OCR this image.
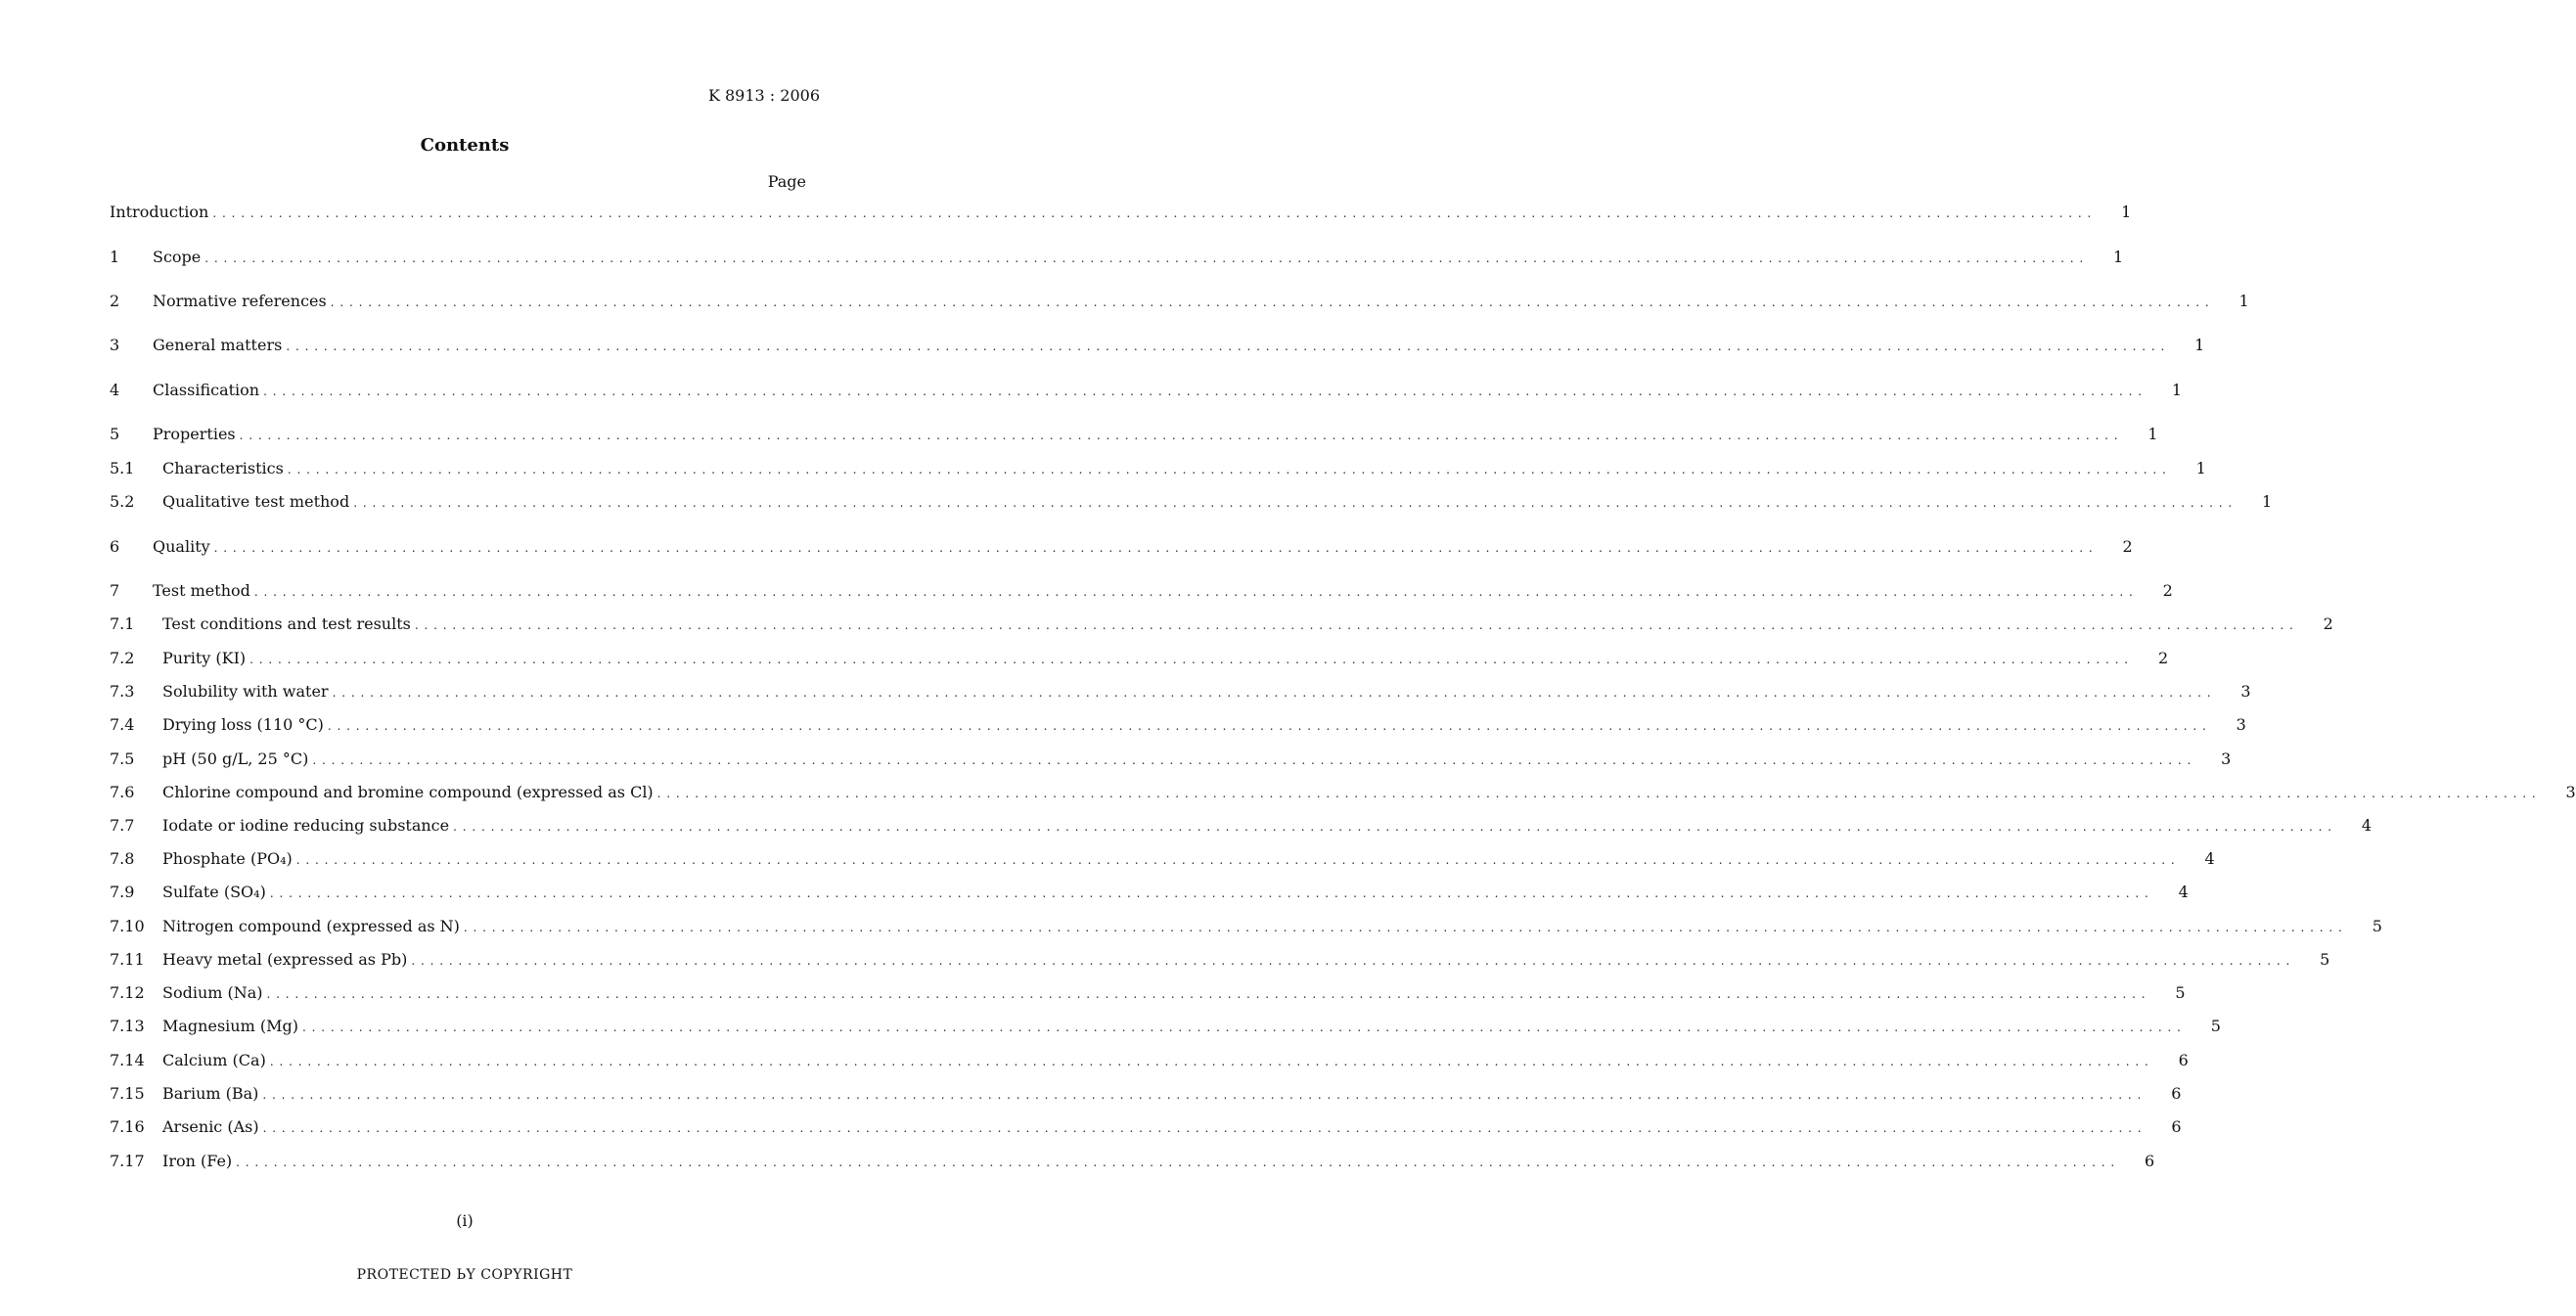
K 8913 : 2006
Contents
Page
Introduction . . . . . . . . . . . . . . . . . . . . . . . . . . . . . . . . . . . . . . . . . . . . . . . . . . . . . . . . . . . . . . . . . . . . . . . . . . . . . . . . . . . . . . . . . . . . . . . . . . . . . . . . . . . . . . . . . . . . . . . . . . . . . . . . . . . . . . . . . . . . . . . . . . . . . . . . . . . . . . . . . . . . . . . . . . . . . . . . . . . . . . . . . . . . . . . . . . . . . . . .	1
1	Scope . . . . . . . . . . . . . . . . . . . . . . . . . . . . . . . . . . . . . . . . . . . . . . . . . . . . . . . . . . . . . . . . . . . . . . . . . . . . . . . . . . . . . . . . . . . . . . . . . . . . . . . . . . . . . . . . . . . . . . . . . . . . . . . . . . . . . . . . . . . . . . . . . . . . . . . . . . . . . . . . . . . . . . . . . . . . . . . . . . . . . . . . . . . . . . . . . . . . . . . .	1
2	Normative references . . . . . . . . . . . . . . . . . . . . . . . . . . . . . . . . . . . . . . . . . . . . . . . . . . . . . . . . . . . . . . . . . . . . . . . . . . . . . . . . . . . . . . . . . . . . . . . . . . . . . . . . . . . . . . . . . . . . . . . . . . . . . . . . . . . . . . . . . . . . . . . . . . . . . . . . . . . . . . . . . . . . . . . . . . . . . . . . . . . . . . . . . . . . . . . . . . . . . . . .	1
3	General matters . . . . . . . . . . . . . . . . . . . . . . . . . . . . . . . . . . . . . . . . . . . . . . . . . . . . . . . . . . . . . . . . . . . . . . . . . . . . . . . . . . . . . . . . . . . . . . . . . . . . . . . . . . . . . . . . . . . . . . . . . . . . . . . . . . . . . . . . . . . . . . . . . . . . . . . . . . . . . . . . . . . . . . . . . . . . . . . . . . . . . . . . . . . . . . . . . . . . . . . .	1
4	Classification . . . . . . . . . . . . . . . . . . . . . . . . . . . . . . . . . . . . . . . . . . . . . . . . . . . . . . . . . . . . . . . . . . . . . . . . . . . . . . . . . . . . . . . . . . . . . . . . . . . . . . . . . . . . . . . . . . . . . . . . . . . . . . . . . . . . . . . . . . . . . . . . . . . . . . . . . . . . . . . . . . . . . . . . . . . . . . . . . . . . . . . . . . . . . . . . . . . . . . . .	1
5	Properties . . . . . . . . . . . . . . . . . . . . . . . . . . . . . . . . . . . . . . . . . . . . . . . . . . . . . . . . . . . . . . . . . . . . . . . . . . . . . . . . . . . . . . . . . . . . . . . . . . . . . . . . . . . . . . . . . . . . . . . . . . . . . . . . . . . . . . . . . . . . . . . . . . . . . . . . . . . . . . . . . . . . . . . . . . . . . . . . . . . . . . . . . . . . . . . . . . . . . . . .	1
5.1	Characteristics . . . . . . . . . . . . . . . . . . . . . . . . . . . . . . . . . . . . . . . . . . . . . . . . . . . . . . . . . . . . . . . . . . . . . . . . . . . . . . . . . . . . . . . . . . . . . . . . . . . . . . . . . . . . . . . . . . . . . . . . . . . . . . . . . . . . . . . . . . . . . . . . . . . . . . . . . . . . . . . . . . . . . . . . . . . . . . . . . . . . . . . . . . . . . . . . . . . . . . . .	1
5.2	Qualitative test method . . . . . . . . . . . . . . . . . . . . . . . . . . . . . . . . . . . . . . . . . . . . . . . . . . . . . . . . . . . . . . . . . . . . . . . . . . . . . . . . . . . . . . . . . . . . . . . . . . . . . . . . . . . . . . . . . . . . . . . . . . . . . . . . . . . . . . . . . . . . . . . . . . . . . . . . . . . . . . . . . . . . . . . . . . . . . . . . . . . . . . . . . . . . . . . . . . . . . . . .	1
6	Quality . . . . . . . . . . . . . . . . . . . . . . . . . . . . . . . . . . . . . . . . . . . . . . . . . . . . . . . . . . . . . . . . . . . . . . . . . . . . . . . . . . . . . . . . . . . . . . . . . . . . . . . . . . . . . . . . . . . . . . . . . . . . . . . . . . . . . . . . . . . . . . . . . . . . . . . . . . . . . . . . . . . . . . . . . . . . . . . . . . . . . . . . . . . . . . . . . . . . . . . .	2
7	Test method . . . . . . . . . . . . . . . . . . . . . . . . . . . . . . . . . . . . . . . . . . . . . . . . . . . . . . . . . . . . . . . . . . . . . . . . . . . . . . . . . . . . . . . . . . . . . . . . . . . . . . . . . . . . . . . . . . . . . . . . . . . . . . . . . . . . . . . . . . . . . . . . . . . . . . . . . . . . . . . . . . . . . . . . . . . . . . . . . . . . . . . . . . . . . . . . . . . . . . . .	2
7.1	Test conditions and test results . . . . . . . . . . . . . . . . . . . . . . . . . . . . . . . . . . . . . . . . . . . . . . . . . . . . . . . . . . . . . . . . . . . . . . . . . . . . . . . . . . . . . . . . . . . . . . . . . . . . . . . . . . . . . . . . . . . . . . . . . . . . . . . . . . . . . . . . . . . . . . . . . . . . . . . . . . . . . . . . . . . . . . . . . . . . . . . . . . . . . . . . . . . . . . . . . . . . . . . .	2
7.2	Purity (KI) . . . . . . . . . . . . . . . . . . . . . . . . . . . . . . . . . . . . . . . . . . . . . . . . . . . . . . . . . . . . . . . . . . . . . . . . . . . . . . . . . . . . . . . . . . . . . . . . . . . . . . . . . . . . . . . . . . . . . . . . . . . . . . . . . . . . . . . . . . . . . . . . . . . . . . . . . . . . . . . . . . . . . . . . . . . . . . . . . . . . . . . . . . . . . . . . . . . . . . . .	2
7.3	Solubility with water . . . . . . . . . . . . . . . . . . . . . . . . . . . . . . . . . . . . . . . . . . . . . . . . . . . . . . . . . . . . . . . . . . . . . . . . . . . . . . . . . . . . . . . . . . . . . . . . . . . . . . . . . . . . . . . . . . . . . . . . . . . . . . . . . . . . . . . . . . . . . . . . . . . . . . . . . . . . . . . . . . . . . . . . . . . . . . . . . . . . . . . . . . . . . . . . . . . . . . . .	3
7.4	Drying loss (110 °C) . . . . . . . . . . . . . . . . . . . . . . . . . . . . . . . . . . . . . . . . . . . . . . . . . . . . . . . . . . . . . . . . . . . . . . . . . . . . . . . . . . . . . . . . . . . . . . . . . . . . . . . . . . . . . . . . . . . . . . . . . . . . . . . . . . . . . . . . . . . . . . . . . . . . . . . . . . . . . . . . . . . . . . . . . . . . . . . . . . . . . . . . . . . . . . . . . . . . . . . .	3
7.5	pH (50 g/L, 25 °C) . . . . . . . . . . . . . . . . . . . . . . . . . . . . . . . . . . . . . . . . . . . . . . . . . . . . . . . . . . . . . . . . . . . . . . . . . . . . . . . . . . . . . . . . . . . . . . . . . . . . . . . . . . . . . . . . . . . . . . . . . . . . . . . . . . . . . . . . . . . . . . . . . . . . . . . . . . . . . . . . . . . . . . . . . . . . . . . . . . . . . . . . . . . . . . . . . . . . . . . .	3
7.6	Chlorine compound and bromine compound (expressed as Cl) . . . . . . . . . . . . . . . . . . . . . . . . . . . . . . . . . . . . . . . . . . . . . . . . . . . . . . . . . . . . . . . . . . . . . . . . . . . . . . . . . . . . . . . . . . . . . . . . . . . . . . . . . . . . . . . . . . . . . . . . . . . . . . . . . . . . . . . . . . . . . . . . . . . . . . . . . . . . . . . . . . . . . . . . . . . . . . . . . . . . . . . . . . . . . . . . . . . . . . . .	3
7.7	Iodate or iodine reducing substance . . . . . . . . . . . . . . . . . . . . . . . . . . . . . . . . . . . . . . . . . . . . . . . . . . . . . . . . . . . . . . . . . . . . . . . . . . . . . . . . . . . . . . . . . . . . . . . . . . . . . . . . . . . . . . . . . . . . . . . . . . . . . . . . . . . . . . . . . . . . . . . . . . . . . . . . . . . . . . . . . . . . . . . . . . . . . . . . . . . . . . . . . . . . . . . . . . . . . . . .	4
7.8	Phosphate (PO₄) . . . . . . . . . . . . . . . . . . . . . . . . . . . . . . . . . . . . . . . . . . . . . . . . . . . . . . . . . . . . . . . . . . . . . . . . . . . . . . . . . . . . . . . . . . . . . . . . . . . . . . . . . . . . . . . . . . . . . . . . . . . . . . . . . . . . . . . . . . . . . . . . . . . . . . . . . . . . . . . . . . . . . . . . . . . . . . . . . . . . . . . . . . . . . . . . . . . . . . . .	4
7.9	Sulfate (SO₄) . . . . . . . . . . . . . . . . . . . . . . . . . . . . . . . . . . . . . . . . . . . . . . . . . . . . . . . . . . . . . . . . . . . . . . . . . . . . . . . . . . . . . . . . . . . . . . . . . . . . . . . . . . . . . . . . . . . . . . . . . . . . . . . . . . . . . . . . . . . . . . . . . . . . . . . . . . . . . . . . . . . . . . . . . . . . . . . . . . . . . . . . . . . . . . . . . . . . . . . .	4
7.10	Nitrogen compound (expressed as N) . . . . . . . . . . . . . . . . . . . . . . . . . . . . . . . . . . . . . . . . . . . . . . . . . . . . . . . . . . . . . . . . . . . . . . . . . . . . . . . . . . . . . . . . . . . . . . . . . . . . . . . . . . . . . . . . . . . . . . . . . . . . . . . . . . . . . . . . . . . . . . . . . . . . . . . . . . . . . . . . . . . . . . . . . . . . . . . . . . . . . . . . . . . . . . . . . . . . . . . .	5
7.11	Heavy metal (expressed as Pb) . . . . . . . . . . . . . . . . . . . . . . . . . . . . . . . . . . . . . . . . . . . . . . . . . . . . . . . . . . . . . . . . . . . . . . . . . . . . . . . . . . . . . . . . . . . . . . . . . . . . . . . . . . . . . . . . . . . . . . . . . . . . . . . . . . . . . . . . . . . . . . . . . . . . . . . . . . . . . . . . . . . . . . . . . . . . . . . . . . . . . . . . . . . . . . . . . . . . . . . .	5
7.12	Sodium (Na) . . . . . . . . . . . . . . . . . . . . . . . . . . . . . . . . . . . . . . . . . . . . . . . . . . . . . . . . . . . . . . . . . . . . . . . . . . . . . . . . . . . . . . . . . . . . . . . . . . . . . . . . . . . . . . . . . . . . . . . . . . . . . . . . . . . . . . . . . . . . . . . . . . . . . . . . . . . . . . . . . . . . . . . . . . . . . . . . . . . . . . . . . . . . . . . . . . . . . . . .	5
7.13	Magnesium (Mg) . . . . . . . . . . . . . . . . . . . . . . . . . . . . . . . . . . . . . . . . . . . . . . . . . . . . . . . . . . . . . . . . . . . . . . . . . . . . . . . . . . . . . . . . . . . . . . . . . . . . . . . . . . . . . . . . . . . . . . . . . . . . . . . . . . . . . . . . . . . . . . . . . . . . . . . . . . . . . . . . . . . . . . . . . . . . . . . . . . . . . . . . . . . . . . . . . . . . . . . .	5
7.14	Calcium (Ca) . . . . . . . . . . . . . . . . . . . . . . . . . . . . . . . . . . . . . . . . . . . . . . . . . . . . . . . . . . . . . . . . . . . . . . . . . . . . . . . . . . . . . . . . . . . . . . . . . . . . . . . . . . . . . . . . . . . . . . . . . . . . . . . . . . . . . . . . . . . . . . . . . . . . . . . . . . . . . . . . . . . . . . . . . . . . . . . . . . . . . . . . . . . . . . . . . . . . . . . .	6
7.15	Barium (Ba) . . . . . . . . . . . . . . . . . . . . . . . . . . . . . . . . . . . . . . . . . . . . . . . . . . . . . . . . . . . . . . . . . . . . . . . . . . . . . . . . . . . . . . . . . . . . . . . . . . . . . . . . . . . . . . . . . . . . . . . . . . . . . . . . . . . . . . . . . . . . . . . . . . . . . . . . . . . . . . . . . . . . . . . . . . . . . . . . . . . . . . . . . . . . . . . . . . . . . . . .	6
7.16	Arsenic (As) . . . . . . . . . . . . . . . . . . . . . . . . . . . . . . . . . . . . . . . . . . . . . . . . . . . . . . . . . . . . . . . . . . . . . . . . . . . . . . . . . . . . . . . . . . . . . . . . . . . . . . . . . . . . . . . . . . . . . . . . . . . . . . . . . . . . . . . . . . . . . . . . . . . . . . . . . . . . . . . . . . . . . . . . . . . . . . . . . . . . . . . . . . . . . . . . . . . . . . . .	6
7.17	Iron (Fe) . . . . . . . . . . . . . . . . . . . . . . . . . . . . . . . . . . . . . . . . . . . . . . . . . . . . . . . . . . . . . . . . . . . . . . . . . . . . . . . . . . . . . . . . . . . . . . . . . . . . . . . . . . . . . . . . . . . . . . . . . . . . . . . . . . . . . . . . . . . . . . . . . . . . . . . . . . . . . . . . . . . . . . . . . . . . . . . . . . . . . . . . . . . . . . . . . . . . . . . .	6
(i)
PROTECTED ЬY COPYRIGHT
